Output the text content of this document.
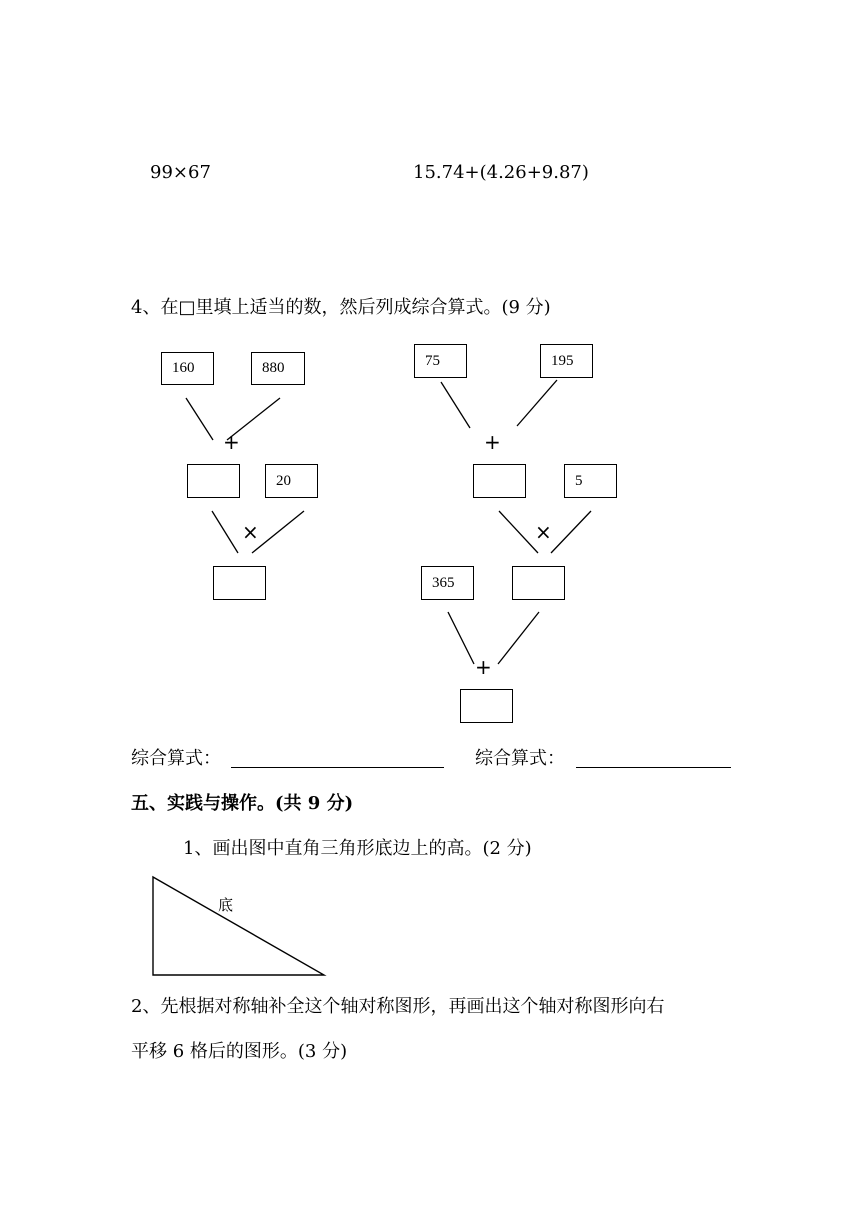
99×67	15.74+(4.26+9.87)
4、在□里填上适当的数，然后列成综合算式。(9 分)
160	880
+
20
×
75	195
+
5
×
365
+
综合算式：	综合算式：
五、实践与操作。(共 9 分)
1、画出图中直角三角形底边上的高。(2 分)
底
2、先根据对称轴补全这个轴对称图形，再画出这个轴对称图形向右
平移 6 格后的图形。(3 分)
